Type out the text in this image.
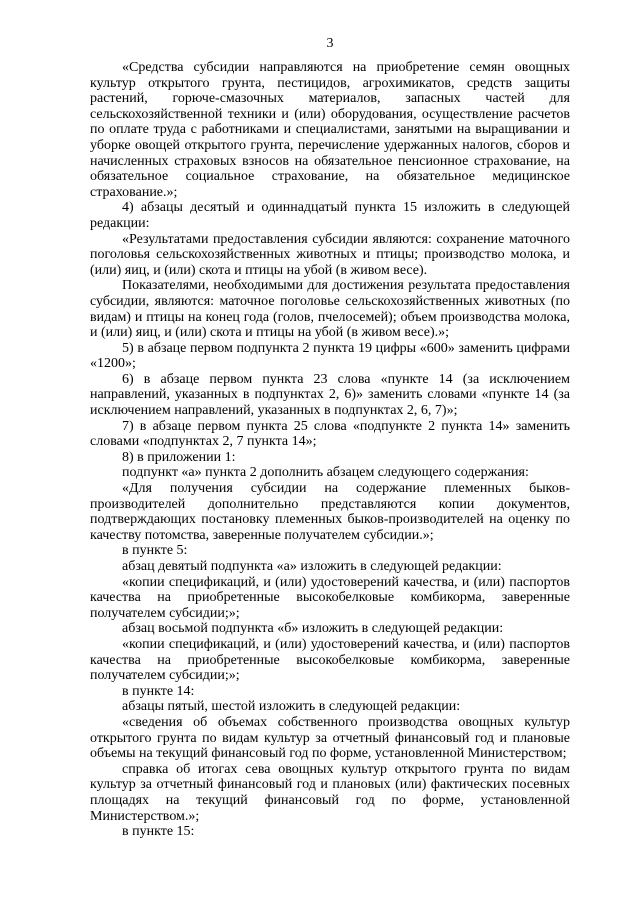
3

«Средства субсидии направляются на приобретение семян овощных культур открытого грунта, пестицидов, агрохимикатов, средств защиты растений, горюче-смазочных материалов, запасных частей для сельскохозяйственной техники и (или) оборудования, осуществление расчетов по оплате труда с работниками и специалистами, занятыми на выращивании и уборке овощей открытого грунта, перечисление удержанных налогов, сборов и начисленных страховых взносов на обязательное пенсионное страхование, на обязательное социальное страхование, на обязательное медицинское страхование.»;

4) абзацы десятый и одиннадцатый пункта 15 изложить в следующей редакции:

«Результатами предоставления субсидии являются: сохранение маточного поголовья сельскохозяйственных животных и птицы; производство молока, и (или) яиц, и (или) скота и птицы на убой (в живом весе).

Показателями, необходимыми для достижения результата предоставления субсидии, являются: маточное поголовье сельскохозяйственных животных (по видам) и птицы на конец года (голов, пчелосемей); объем производства молока, и (или) яиц, и (или) скота и птицы на убой (в живом весе).»;

5) в абзаце первом подпункта 2 пункта 19 цифры «600» заменить цифрами «1200»;

6) в абзаце первом пункта 23 слова «пункте 14 (за исключением направлений, указанных в подпунктах 2, 6)» заменить словами «пункте 14 (за исключением направлений, указанных в подпунктах 2, 6, 7)»;

7) в абзаце первом пункта 25 слова «подпункте 2 пункта 14» заменить словами «подпунктах 2, 7 пункта 14»;

8) в приложении 1:

подпункт «а» пункта 2 дополнить абзацем следующего содержания:

«Для получения субсидии на содержание племенных быков-производителей дополнительно представляются копии документов, подтверждающих постановку племенных быков-производителей на оценку по качеству потомства, заверенные получателем субсидии.»;

в пункте 5:

абзац девятый подпункта «а» изложить в следующей редакции:

«копии спецификаций, и (или) удостоверений качества, и (или) паспортов качества на приобретенные высокобелковые комбикорма, заверенные получателем субсидии;»;

абзац восьмой подпункта «б» изложить в следующей редакции:

«копии спецификаций, и (или) удостоверений качества, и (или) паспортов качества на приобретенные высокобелковые комбикорма, заверенные получателем субсидии;»;

в пункте 14:

абзацы пятый, шестой изложить в следующей редакции:

«сведения об объемах собственного производства овощных культур открытого грунта по видам культур за отчетный финансовый год и плановые объемы на текущий финансовый год по форме, установленной Министерством;

справка об итогах сева овощных культур открытого грунта по видам культур за отчетный финансовый год и плановых (или) фактических посевных площадях на текущий финансовый год по форме, установленной Министерством.»;

в пункте 15:
